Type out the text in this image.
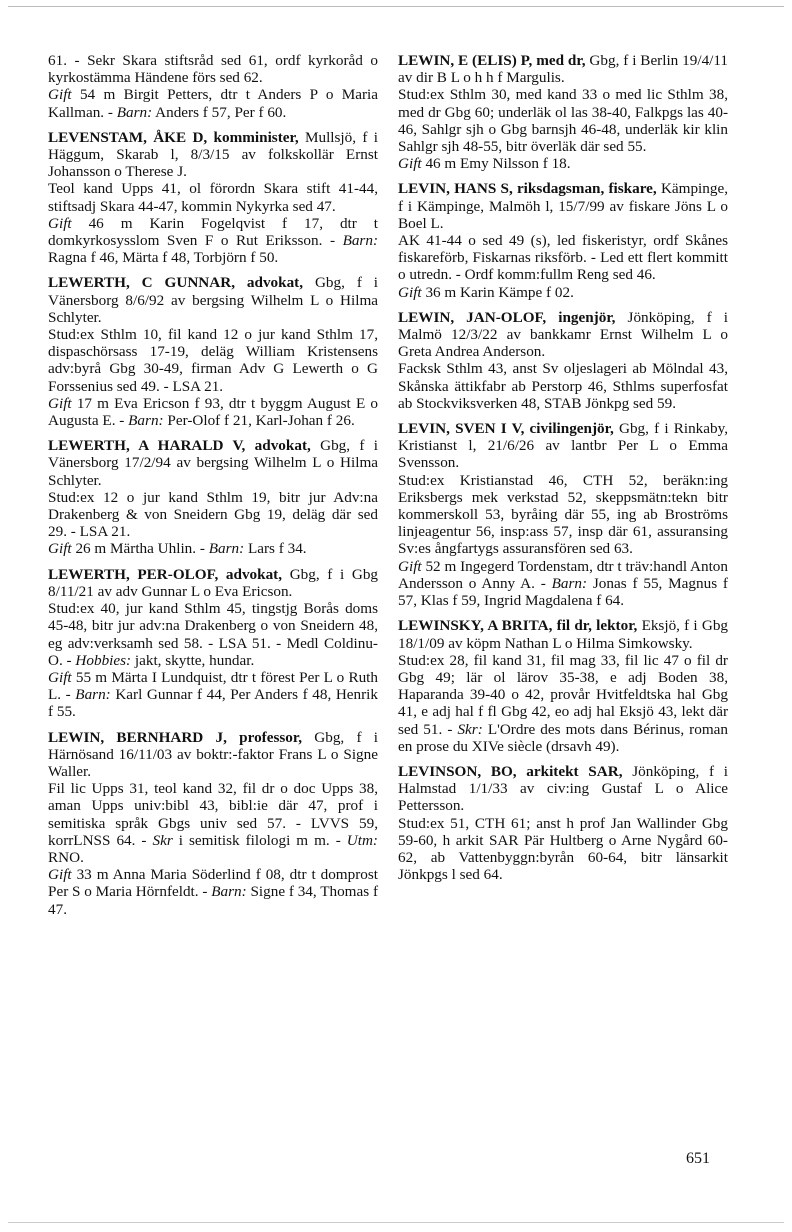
61. - Sekr Skara stiftsråd sed 61, ordf kyrkoråd o kyrkostämma Händene förs sed 62.

Gift 54 m Birgit Petters, dtr t Anders P o Maria Kallman. - Barn: Anders f 57, Per f 60.

LEVENSTAM, ÅKE D, komminister, Mullsjö, f i Häggum, Skarab l, 8/3/15 av folkskollär Ernst Johansson o Therese J.

Teol kand Upps 41, ol förordn Skara stift 41-44, stiftsadj Skara 44-47, kommin Nykyrka sed 47.

Gift 46 m Karin Fogelqvist f 17, dtr t domkyrkosysslom Sven F o Rut Eriksson. - Barn: Ragna f 46, Märta f 48, Torbjörn f 50.

LEWERTH, C GUNNAR, advokat, Gbg, f i Vänersborg 8/6/92 av bergsing Wilhelm L o Hilma Schlyter.

Stud:ex Sthlm 10, fil kand 12 o jur kand Sthlm 17, dispaschörsass 17-19, deläg William Kristensens adv:byrå Gbg 30-49, firman Adv G Lewerth o G Forssenius sed 49. - LSA 21.

Gift 17 m Eva Ericson f 93, dtr t byggm August E o Augusta E. - Barn: Per-Olof f 21, Karl-Johan f 26.

LEWERTH, A HARALD V, advokat, Gbg, f i Vänersborg 17/2/94 av bergsing Wilhelm L o Hilma Schlyter.

Stud:ex 12 o jur kand Sthlm 19, bitr jur Adv:na Drakenberg & von Sneidern Gbg 19, deläg där sed 29. - LSA 21.

Gift 26 m Märtha Uhlin. - Barn: Lars f 34.

LEWERTH, PER-OLOF, advokat, Gbg, f i Gbg 8/11/21 av adv Gunnar L o Eva Ericson.

Stud:ex 40, jur kand Sthlm 45, tingstjg Borås doms 45-48, bitr jur adv:na Drakenberg o von Sneidern 48, eg adv:verksamh sed 58. - LSA 51. - Medl Coldinu-O. - Hobbies: jakt, skytte, hundar.

Gift 55 m Märta I Lundquist, dtr t förest Per L o Ruth L. - Barn: Karl Gunnar f 44, Per Anders f 48, Henrik f 55.

LEWIN, BERNHARD J, professor, Gbg, f i Härnösand 16/11/03 av boktr:-faktor Frans L o Signe Waller.

Fil lic Upps 31, teol kand 32, fil dr o doc Upps 38, aman Upps univ:bibl 43, bibl:ie där 47, prof i semitiska språk Gbgs univ sed 57. - LVVS 59, korrLNSS 64. - Skr i semitisk filologi m m. - Utm: RNO.

Gift 33 m Anna Maria Söderlind f 08, dtr t domprost Per S o Maria Hörnfeldt. - Barn: Signe f 34, Thomas f 47.

LEWIN, E (ELIS) P, med dr, Gbg, f i Berlin 19/4/11 av dir B L o h h f Margulis.

Stud:ex Sthlm 30, med kand 33 o med lic Sthlm 38, med dr Gbg 60; underläk ol las 38-40, Falkpgs las 40-46, Sahlgr sjh o Gbg barnsjh 46-48, underläk kir klin Sahlgr sjh 48-55, bitr överläk där sed 55.

Gift 46 m Emy Nilsson f 18.

LEVIN, HANS S, riksdagsman, fiskare, Kämpinge, f i Kämpinge, Malmöh l, 15/7/99 av fiskare Jöns L o Boel L.

AK 41-44 o sed 49 (s), led fiskeristyr, ordf Skånes fiskareförb, Fiskarnas riksförb. - Led ett flert kommitt o utredn. - Ordf komm:fullm Reng sed 46.

Gift 36 m Karin Kämpe f 02.

LEWIN, JAN-OLOF, ingenjör, Jönköping, f i Malmö 12/3/22 av bankkamr Ernst Wilhelm L o Greta Andrea Anderson.

Facksk Sthlm 43, anst Sv oljeslageri ab Mölndal 43, Skånska ättikfabr ab Perstorp 46, Sthlms superfosfat ab Stockviksverken 48, STAB Jönkpg sed 59.

LEVIN, SVEN I V, civilingenjör, Gbg, f i Rinkaby, Kristianst l, 21/6/26 av lantbr Per L o Emma Svensson.

Stud:ex Kristianstad 46, CTH 52, beräkn:ing Eriksbergs mek verkstad 52, skeppsmätn:tekn bitr kommerskoll 53, byråing där 55, ing ab Broströms linjeagentur 56, insp:ass 57, insp där 61, assuransing Sv:es ångfartygs assuransfören sed 63.

Gift 52 m Ingegerd Tordenstam, dtr t träv:handl Anton Andersson o Anny A. - Barn: Jonas f 55, Magnus f 57, Klas f 59, Ingrid Magdalena f 64.

LEWINSKY, A BRITA, fil dr, lektor, Eksjö, f i Gbg 18/1/09 av köpm Nathan L o Hilma Simkowsky.

Stud:ex 28, fil kand 31, fil mag 33, fil lic 47 o fil dr Gbg 49; lär ol lärov 35-38, e adj Boden 38, Haparanda 39-40 o 42, provår Hvitfeldtska hal Gbg 41, e adj hal f fl Gbg 42, eo adj hal Eksjö 43, lekt där sed 51. - Skr: L'Ordre des mots dans Bérinus, roman en prose du XIVe siècle (drsavh 49).

LEVINSON, BO, arkitekt SAR, Jönköping, f i Halmstad 1/1/33 av civ:ing Gustaf L o Alice Pettersson.

Stud:ex 51, CTH 61; anst h prof Jan Wallinder Gbg 59-60, h arkit SAR Pär Hultberg o Arne Nygård 60-62, ab Vattenbyggn:byrån 60-64, bitr länsarkit Jönkpgs l sed 64.

651
